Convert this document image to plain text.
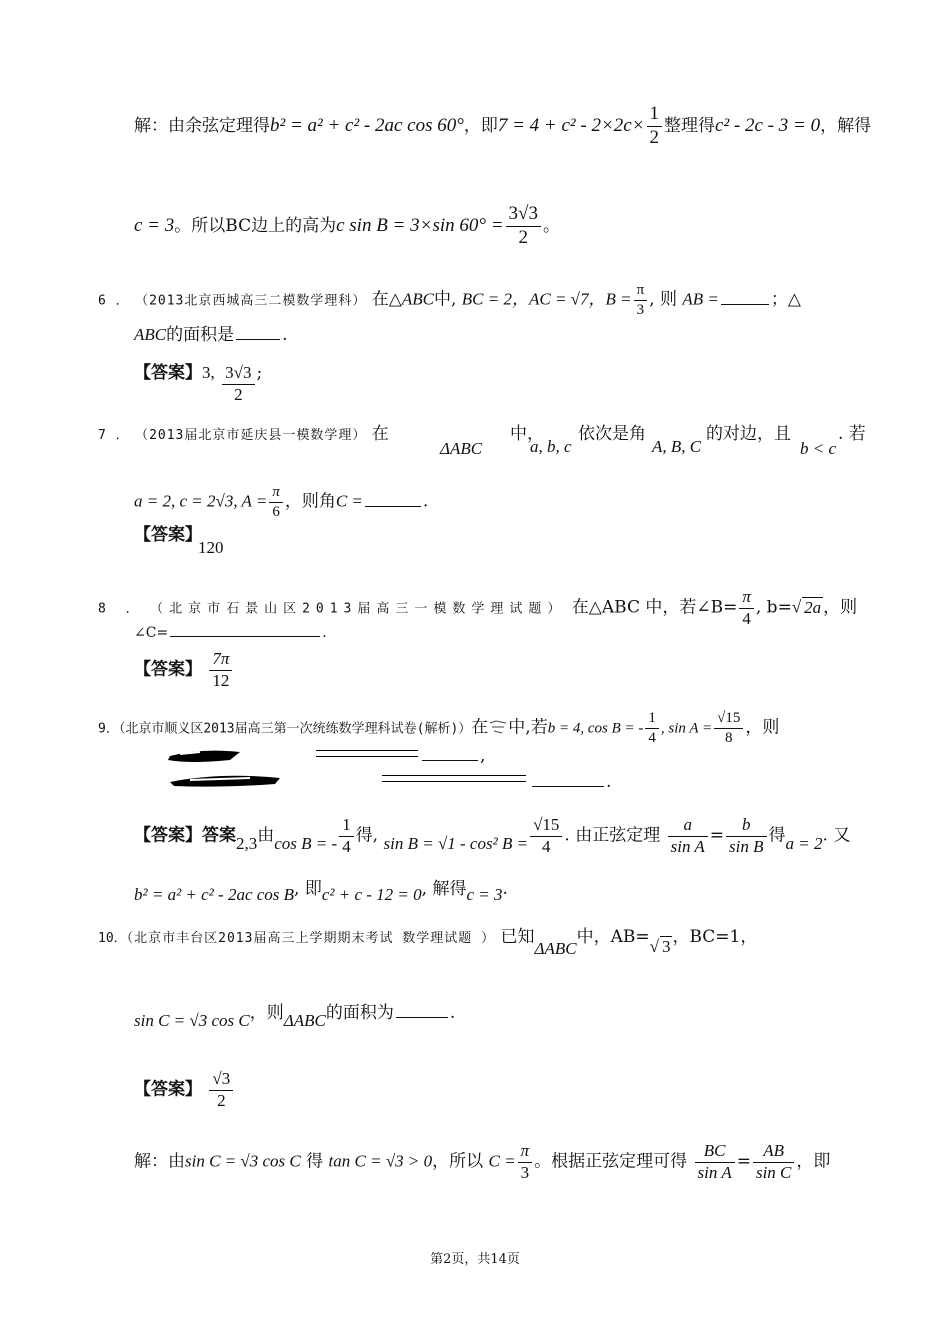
解：由余弦定理得b² = a² + c² - 2ac cos 60°，即$7 = 4 + c^2 - 2\times 2c\times \frac{1}{2}$ 整理得c² - 2c - 3 = 0，解得
c = 3。所以BC边上的高为c sin B = 3×sin $60^\circ = \frac{3√3}{2}$ 。
6 ． （2013北京西城高三二模数学理科） 在△ABC中, BC = 2，AC = √7，$B = \frac{\pi}{3}$ , 则 AB =	；△
ABC的面积是	.
【答案】3, $\frac{3√3}{2}$ ;
7 ． （2013届北京市延庆县一模数学理） 在
ΔABC
中，
a, b, c
依次是角
A, B, C
的对边，且
b < c
. 若
a = 2, c = 2√3, $A = \frac{\pi}{6}$ ，则角C =	.
【答案】
120
8 ． （北京市石景山区2013届高三一模数学理试题） 在△ABC 中，若∠B= $\frac{\pi}{4}$ , b=√ 2a ，则
∠C=	.
【答案】 $\frac{7\pi}{12}$
9．（北京市顺义区2013届高三第一次统练数学理科试卷(解析)）在 中,若b = 4, cos B = - $\frac{1}{4}$ , $\sin A = \frac{√15}{8}$ ，则
,
.
【答案】答案2,3由cos B = - $\frac{1}{4}$ 得, sin B = √1 - cos² $B = \frac{√15}{4}$ . 由正弦定理 $\frac{a}{\text{sin A}} = \frac{b}{\text{sin B}}$ 得a = 2. 又
b² = a² + c² - 2ac cos B, 即c² + c - 12 = 0, 解得c = 3.
10．（北京市丰台区2013届高三上学期期末考试 数学理试题 ） 已知ΔABC中，AB=√ 3 ，BC=1，
sin C = √3 cos C，则ΔABC的面积为	.
【答案】 $\frac{√3}{2}$
解：由sin C = √3 cos C 得 tan C = √3 > 0，所以 $C = \frac{\pi}{3}$ 。根据正弦定理可得 $\frac{BC}{\text{sin A}} = \frac{AB}{\text{sin C}}$ ，即
第2页，共14页
